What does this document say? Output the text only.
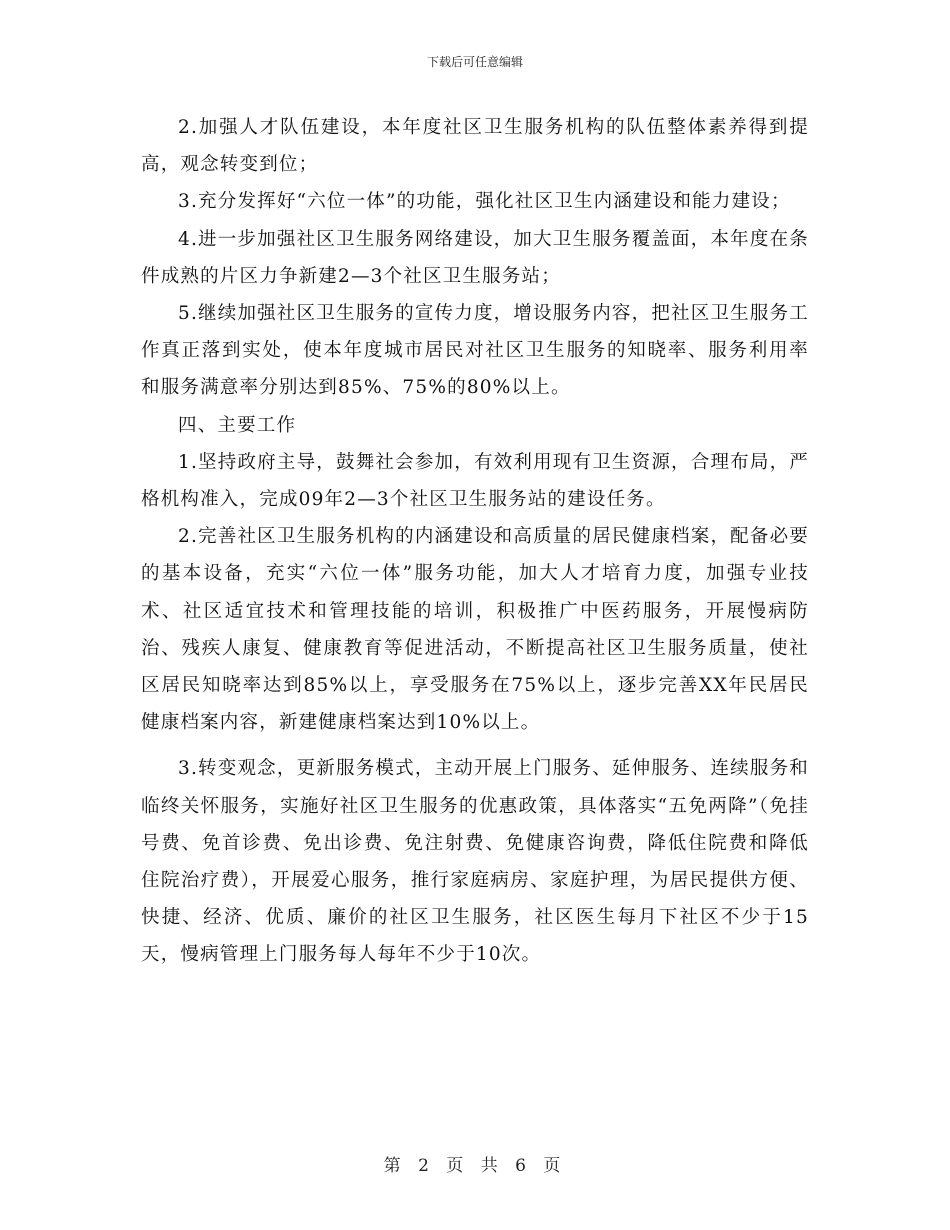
下载后可任意编辑

2.加强人才队伍建设，本年度社区卫生服务机构的队伍整体素养得到提高，观念转变到位；

3.充分发挥好“六位一体”的功能，强化社区卫生内涵建设和能力建设；

4.进一步加强社区卫生服务网络建设，加大卫生服务覆盖面，本年度在条件成熟的片区力争新建2—3个社区卫生服务站；

5.继续加强社区卫生服务的宣传力度，增设服务内容，把社区卫生服务工作真正落到实处，使本年度城市居民对社区卫生服务的知晓率、服务利用率和服务满意率分别达到85%、75%的80%以上。

四、主要工作

1.坚持政府主导，鼓舞社会参加，有效利用现有卫生资源，合理布局，严格机构准入，完成09年2—3个社区卫生服务站的建设任务。

2.完善社区卫生服务机构的内涵建设和高质量的居民健康档案，配备必要的基本设备，充实“六位一体”服务功能，加大人才培育力度，加强专业技术、社区适宜技术和管理技能的培训，积极推广中医药服务，开展慢病防治、残疾人康复、健康教育等促进活动，不断提高社区卫生服务质量，使社区居民知晓率达到85%以上，享受服务在75%以上，逐步完善XX年民居民健康档案内容，新建健康档案达到10%以上。

3.转变观念，更新服务模式，主动开展上门服务、延伸服务、连续服务和临终关怀服务，实施好社区卫生服务的优惠政策，具体落实“五免两降”（免挂号费、免首诊费、免出诊费、免注射费、免健康咨询费，降低住院费和降低住院治疗费），开展爱心服务，推行家庭病房、家庭护理，为居民提供方便、快捷、经济、优质、廉价的社区卫生服务，社区医生每月下社区不少于15天，慢病管理上门服务每人每年不少于10次。

第 2 页 共 6 页
